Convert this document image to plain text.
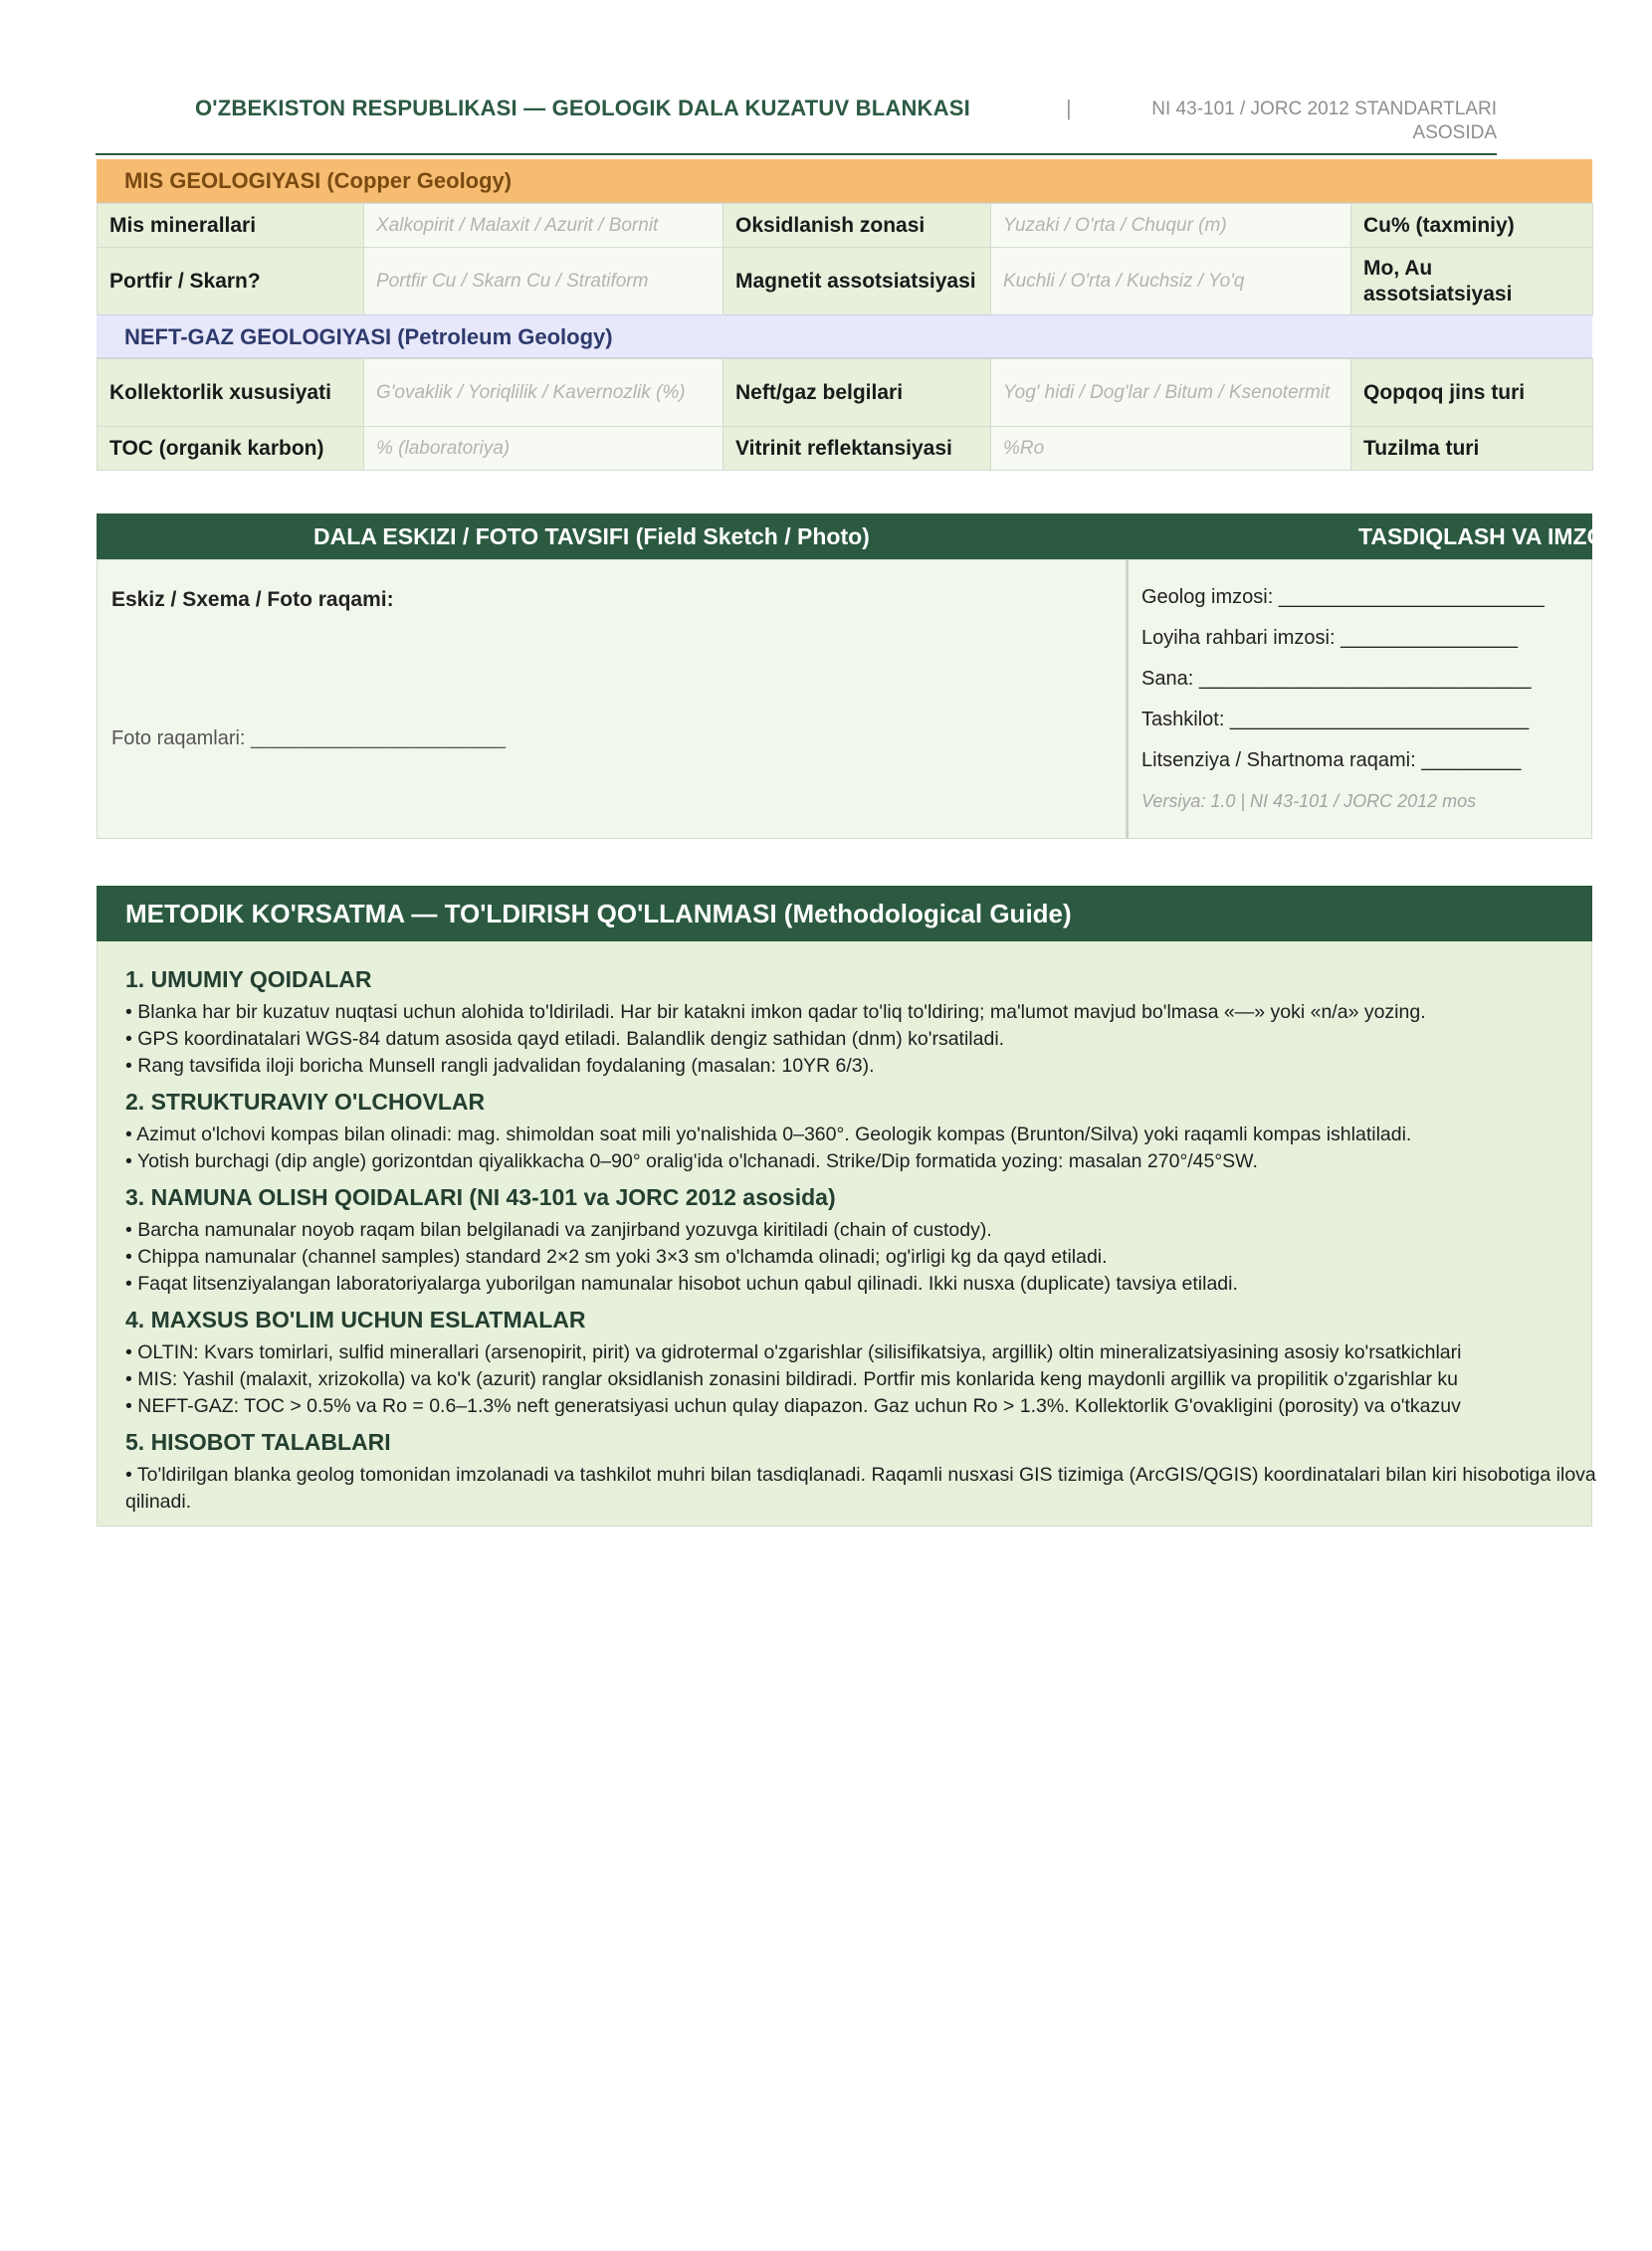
O'ZBEKISTON RESPUBLIKASI — GEOLOGIK DALA KUZATUV BLANKASI	|	NI 43-101 / JORC 2012 STANDARTLARI
ASOSIDA
MIS GEOLOGIYASI (Copper Geology)
Mis minerallari	Xalkopirit / Malaxit / Azurit / Bornit	Oksidlanish zonasi	Yuzaki / O'rta / Chuqur (m)	Cu% (taxminiy)
Portfir / Skarn?	Portfir Cu / Skarn Cu / Stratiform	Magnetit assotsiatsiyasi	Kuchli / O'rta / Kuchsiz / Yo'q	Mo, Au assotsiatsiyasi
NEFT-GAZ GEOLOGIYASI (Petroleum Geology)
Kollektorlik xususiyati	G'ovaklik / Yoriqlilik / Kavernozlik (%)	Neft/gaz belgilari	Yog' hidi / Dog'lar / Bitum / Ksenotermit	Qopqoq jins turi
TOC (organik karbon)	% (laboratoriya)	Vitrinit reflektansiyasi	%Ro	Tuzilma turi
DALA ESKIZI / FOTO TAVSIFI (Field Sketch / Photo)	TASDIQLASH VA IMZOLAR
Eskiz / Sxema / Foto raqami:
Foto raqamlari: _______________________
Geolog imzosi: ________________________
Loyiha rahbari imzosi: ________________
Sana: ______________________________
Tashkilot: ___________________________
Litsenziya / Shartnoma raqami: _________
Versiya: 1.0 | NI 43-101 / JORC 2012 mos
METODIK KO'RSATMA — TO'LDIRISH QO'LLANMASI (Methodological Guide)
1. UMUMIY QOIDALAR
• Blanka har bir kuzatuv nuqtasi uchun alohida to'ldiriladi. Har bir katakni imkon qadar to'liq to'ldiring; ma'lumot mavjud bo'lmasa «—» yoki «n/a» yozing.
• GPS koordinatalari WGS-84 datum asosida qayd etiladi. Balandlik dengiz sathidan (dnm) ko'rsatiladi.
• Rang tavsifida iloji boricha Munsell rangli jadvalidan foydalaning (masalan: 10YR 6/3).
2. STRUKTURAVIY O'LCHOVLAR
• Azimut o'lchovi kompas bilan olinadi: mag. shimoldan soat mili yo'nalishida 0–360°. Geologik kompas (Brunton/Silva) yoki raqamli kompas ishlatiladi.
• Yotish burchagi (dip angle) gorizontdan qiyalikkacha 0–90° oralig'ida o'lchanadi. Strike/Dip formatida yozing: masalan 270°/45°SW.
3. NAMUNA OLISH QOIDALARI (NI 43-101 va JORC 2012 asosida)
• Barcha namunalar noyob raqam bilan belgilanadi va zanjirband yozuvga kiritiladi (chain of custody).
• Chippa namunalar (channel samples) standard 2×2 sm yoki 3×3 sm o'lchamda olinadi; og'irligi kg da qayd etiladi.
• Faqat litsenziyalangan laboratoriyalarga yuborilgan namunalar hisobot uchun qabul qilinadi. Ikki nusxa (duplicate) tavsiya etiladi.
4. MAXSUS BO'LIM UCHUN ESLATMALAR
• OLTIN: Kvars tomirlari, sulfid minerallari (arsenopirit, pirit) va gidrotermal o'zgarishlar (silisifikatsiya, argillik) oltin mineralizatsiyasining asosiy ko'rsatkichlari
• MIS: Yashil (malaxit, xrizokolla) va ko'k (azurit) ranglar oksidlanish zonasini bildiradi. Portfir mis konlarida keng maydonli argillik va propilitik o'zgarishlar ku
• NEFT-GAZ: TOC > 0.5% va Ro = 0.6–1.3% neft generatsiyasi uchun qulay diapazon. Gaz uchun Ro > 1.3%. Kollektorlik G'ovakligini (porosity) va o'tkazuv
5. HISOBOT TALABLARI
• To'ldirilgan blanka geolog tomonidan imzolanadi va tashkilot muhri bilan tasdiqlanadi. Raqamli nusxasi GIS tizimiga (ArcGIS/QGIS) koordinatalari bilan kiri hisobotiga ilova qilinadi.
